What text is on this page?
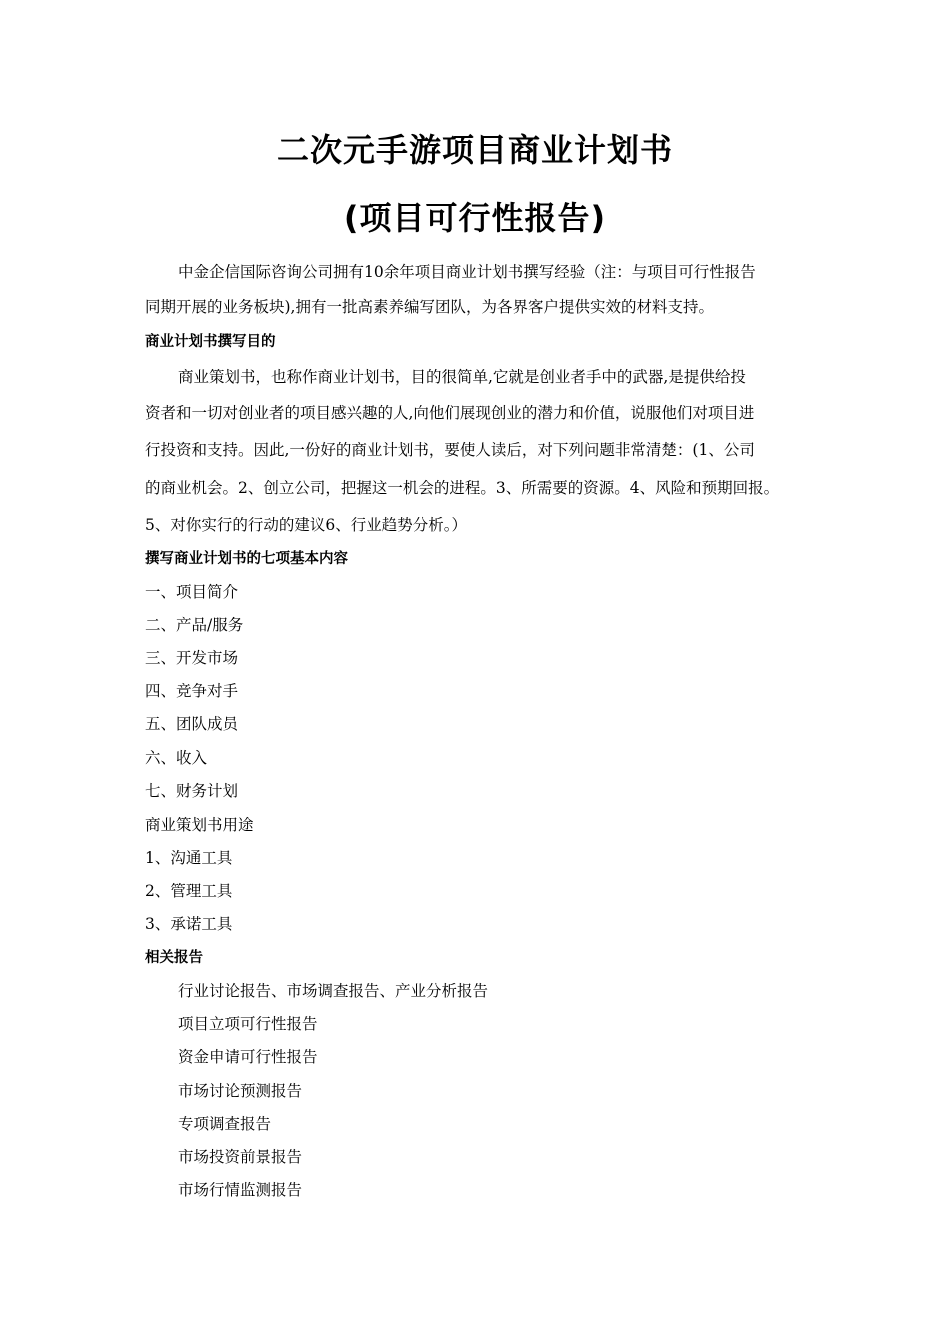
二次元手游项目商业计划书
(项目可行性报告)
中金企信国际咨询公司拥有10余年项目商业计划书撰写经验（注：与项目可行性报告
同期开展的业务板块),拥有一批高素养编写团队，为各界客户提供实效的材料支持。
商业计划书撰写目的
商业策划书，也称作商业计划书，目的很简单,它就是创业者手中的武器,是提供给投
资者和一切对创业者的项目感兴趣的人,向他们展现创业的潜力和价值，说服他们对项目进
行投资和支持。因此,一份好的商业计划书，要使人读后，对下列问题非常清楚：(1、公司
的商业机会。2、创立公司，把握这一机会的进程。3、所需要的资源。4、风险和预期回报。
5、对你实行的行动的建议6、行业趋势分析。）
撰写商业计划书的七项基本内容
一、项目简介
二、产品/服务
三、开发市场
四、竞争对手
五、团队成员
六、收入
七、财务计划
商业策划书用途
1、沟通工具
2、管理工具
3、承诺工具
相关报告
行业讨论报告、市场调查报告、产业分析报告
项目立项可行性报告
资金申请可行性报告
市场讨论预测报告
专项调查报告
市场投资前景报告
市场行情监测报告
